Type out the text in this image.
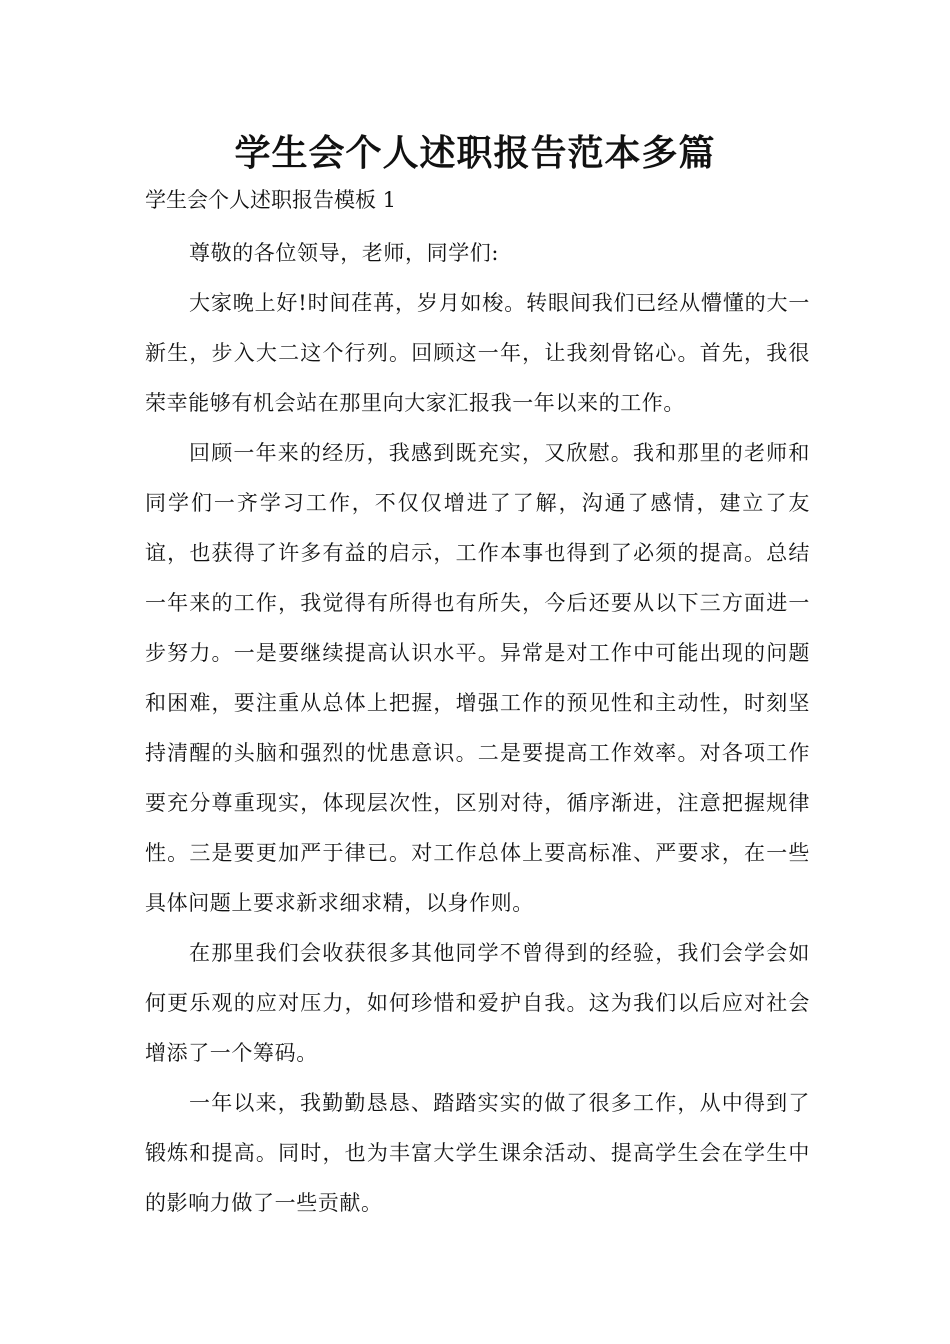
学生会个人述职报告范本多篇
学生会个人述职报告模板 1

尊敬的各位领导，老师，同学们:

大家晚上好!时间荏苒，岁月如梭。转眼间我们已经从懵懂的大一新生，步入大二这个行列。回顾这一年，让我刻骨铭心。首先，我很荣幸能够有机会站在那里向大家汇报我一年以来的工作。

回顾一年来的经历，我感到既充实，又欣慰。我和那里的老师和同学们一齐学习工作，不仅仅增进了了解，沟通了感情，建立了友谊，也获得了许多有益的启示，工作本事也得到了必须的提高。总结一年来的工作，我觉得有所得也有所失，今后还要从以下三方面进一步努力。一是要继续提高认识水平。异常是对工作中可能出现的问题和困难，要注重从总体上把握，增强工作的预见性和主动性，时刻坚持清醒的头脑和强烈的忧患意识。二是要提高工作效率。对各项工作要充分尊重现实，体现层次性，区别对待，循序渐进，注意把握规律性。三是要更加严于律已。对工作总体上要高标准、严要求，在一些具体问题上要求新求细求精，以身作则。

在那里我们会收获很多其他同学不曾得到的经验，我们会学会如何更乐观的应对压力，如何珍惜和爱护自我。这为我们以后应对社会增添了一个筹码。

一年以来，我勤勤恳恳、踏踏实实的做了很多工作，从中得到了锻炼和提高。同时，也为丰富大学生课余活动、提高学生会在学生中的影响力做了一些贡献。
